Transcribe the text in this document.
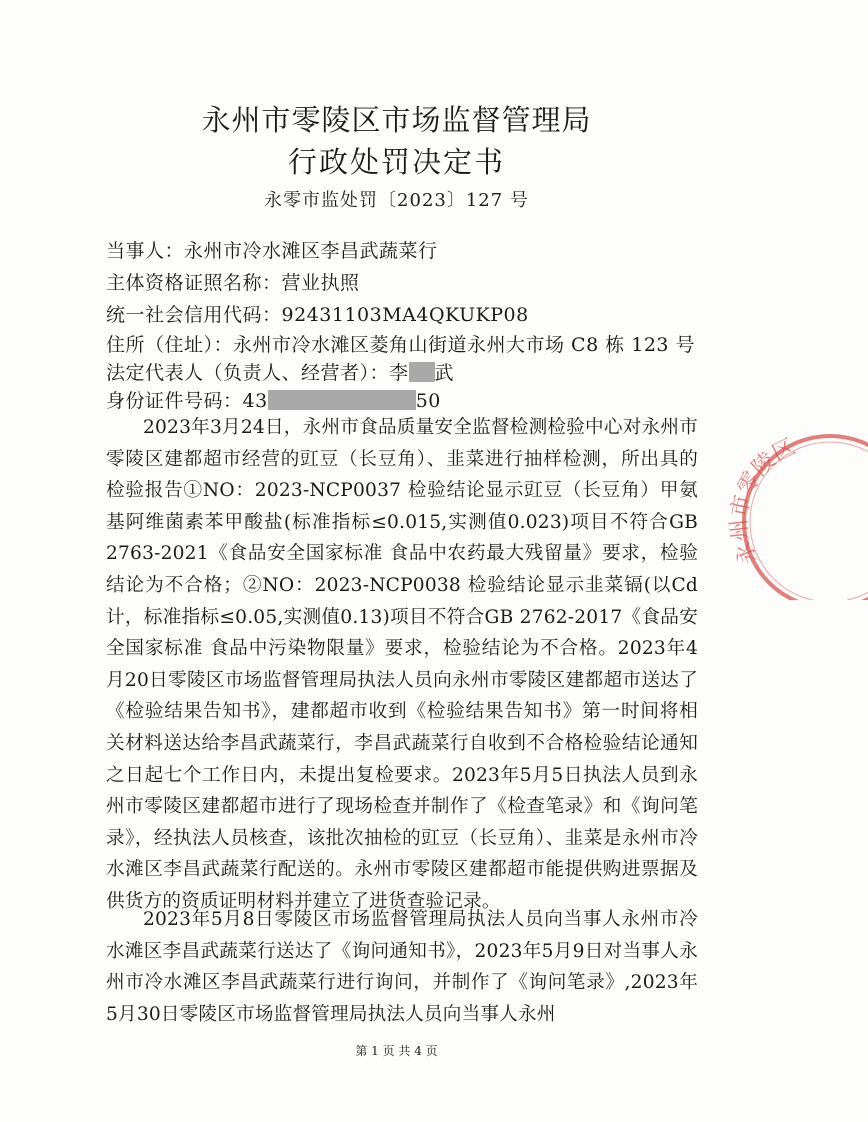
永州市零陵区市场监督管理局
行政处罚决定书
永零市监处罚〔2023〕127 号
当事人：永州市冷水滩区李昌武蔬菜行
主体资格证照名称：营业执照
统一社会信用代码：92431103MA4QKUKP08
住所（住址）：永州市冷水滩区菱角山街道永州大市场 C8 栋 123 号
法定代表人（负责人、经营者）：李 武
身份证件号码：43	50

2023年3月24日，永州市食品质量安全监督检测检验中心对永州市零陵区建都超市经营的豇豆（长豆角）、韭菜进行抽样检测，所出具的检验报告①NO：2023-NCP0037 检验结论显示豇豆（长豆角）甲氨基阿维菌素苯甲酸盐(标准指标≤0.015,实测值0.023)项目不符合GB 2763-2021《食品安全国家标准 食品中农药最大残留量》要求，检验结论为不合格；②NO：2023-NCP0038 检验结论显示韭菜镉(以Cd计，标准指标≤0.05,实测值0.13)项目不符合GB 2762-2017《食品安全国家标准 食品中污染物限量》要求，检验结论为不合格。2023年4月20日零陵区市场监督管理局执法人员向永州市零陵区建都超市送达了《检验结果告知书》，建都超市收到《检验结果告知书》第一时间将相关材料送达给李昌武蔬菜行，李昌武蔬菜行自收到不合格检验结论通知之日起七个工作日内，未提出复检要求。2023年5月5日执法人员到永州市零陵区建都超市进行了现场检查并制作了《检查笔录》和《询问笔录》，经执法人员核查，该批次抽检的豇豆（长豆角）、韭菜是永州市冷水滩区李昌武蔬菜行配送的。永州市零陵区建都超市能提供购进票据及供货方的资质证明材料并建立了进货查验记录。

2023年5月8日零陵区市场监督管理局执法人员向当事人永州市冷水滩区李昌武蔬菜行送达了《询问通知书》，2023年5月9日对当事人永州市冷水滩区李昌武蔬菜行进行询问，并制作了《询问笔录》,2023年5月30日零陵区市场监督管理局执法人员向当事人永州

第 1 页 共 4 页
永州市零陵区
